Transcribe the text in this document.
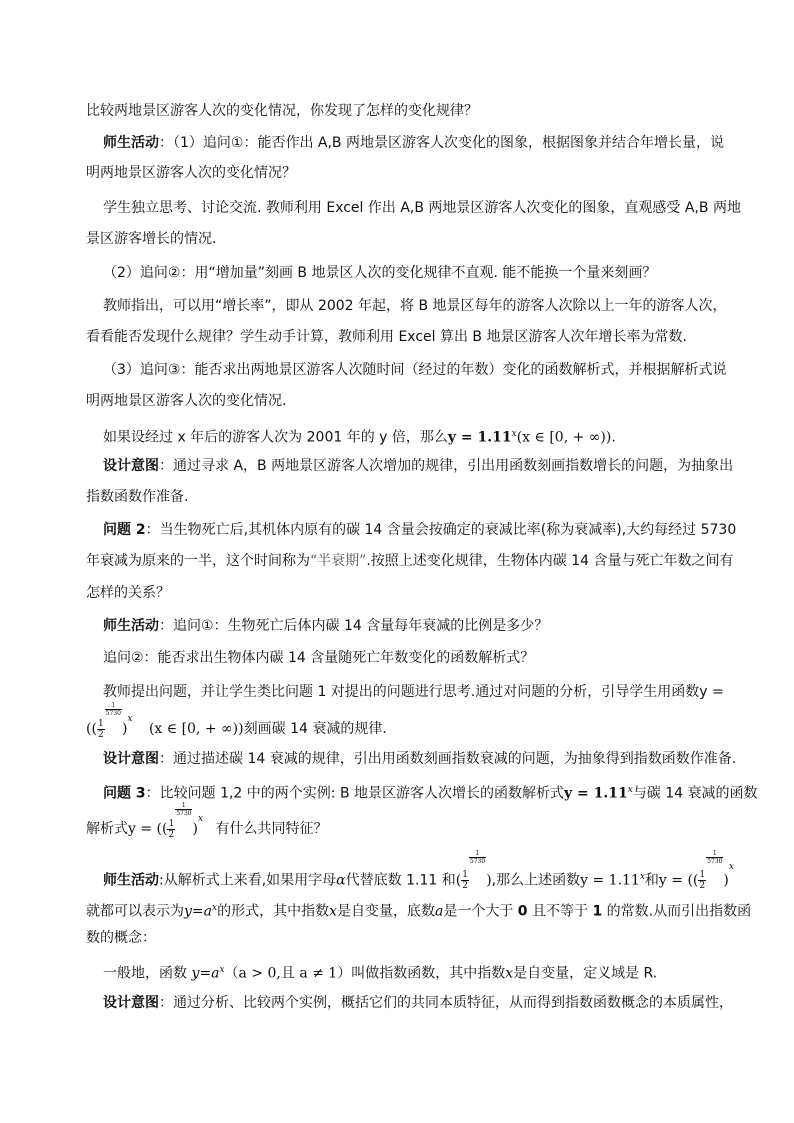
比较两地景区游客人次的变化情况，你发现了怎样的变化规律？
师生活动：（1）追问①：能否作出 A,B 两地景区游客人次变化的图象，根据图象并结合年增长量，说
明两地景区游客人次的变化情况？
学生独立思考、讨论交流. 教师利用 Excel 作出 A,B 两地景区游客人次变化的图象，直观感受 A,B 两地
景区游客增长的情况.
（2）追问②：用“增加量”刻画 B 地景区人次的变化规律不直观. 能不能换一个量来刻画？
教师指出，可以用“增长率”，即从 2002 年起，将 B 地景区每年的游客人次除以上一年的游客人次，
看看能否发现什么规律？学生动手计算，教师利用 Excel 算出 B 地景区游客人次年增长率为常数.
（3）追问③：能否求出两地景区游客人次随时间（经过的年数）变化的函数解析式，并根据解析式说
明两地景区游客人次的变化情况.
如果设经过 x 年后的游客人次为 2001 年的 y 倍，那么$y = 1.11^x(x$ ∈ [0, + ∞)).
设计意图：通过寻求 A，B 两地景区游客人次增加的规律，引出用函数刻画指数增长的问题，为抽象出
指数函数作准备.
问题 2：当生物死亡后,其机体内原有的碳 14 含量会按确定的衰减比率(称为衰减率),大约每经过 5730
年衰减为原来的一半，这个时间称为“半衰期”.按照上述变化规律，生物体内碳 14 含量与死亡年数之间有
怎样的关系？
师生活动：追问①：生物死亡后体内碳 14 含量每年衰减的比例是多少？
追问②：能否求出生物体内碳 14 含量随死亡年数变化的函数解析式？
教师提出问题，并让学生类比问题 1 对提出的问题进行思考.通过对问题的分析，引导学生用函数y =
(( $\frac{1}{2}$
$\frac{1}{5730}$
)$^x$ (x ∈ [0, + ∞))刻画碳 14 衰减的规律.
设计意图：通过描述碳 14 衰减的规律，引出用函数刻画指数衰减的问题，为抽象得到指数函数作准备.
问题 3：比较问题 1,2 中的两个实例: B 地景区游客人次增长的函数解析式$y = 1.11^x$与碳 14 衰减的函数
解析式y = (( $\frac{1}{2}$
$\frac{1}{5730}$
)$^x$ 有什么共同特征？
师生活动:从解析式上来看,如果用字母α代替底数 1.11 和( $\frac{1}{2}$
$\frac{1}{5730}$
),那么上述函数$y = 1.11^x$和y = (( $\frac{1}{2}$
$\frac{1}{5730}$
)$^x$
就都可以表示为$y=a^x$的形式，其中指数x是自变量，底数a是一个大于 0 且不等于 1 的常数.从而引出指数函
数的概念：
一般地，函数 $y=a^x(a > 0$,且 a ≠ 1）叫做指数函数，其中指数x是自变量，定义域是 R.
设计意图：通过分析、比较两个实例，概括它们的共同本质特征，从而得到指数函数概念的本质属性，
